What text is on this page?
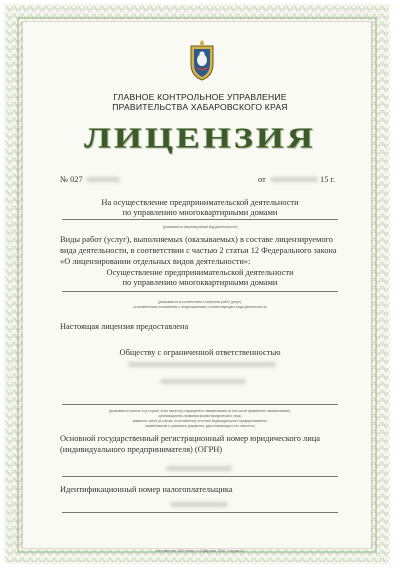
ГЛАВНОЕ КОНТРОЛЬНОЕ УПРАВЛЕНИЕ
ПРАВИТЕЛЬСТВА ХАБАРОВСКОГО КРАЯ
ЛИЦЕНЗИЯ
№ 027	от	15 г.
На осуществление предпринимательской деятельности
по управлению многоквартирными домами
(указывается лицензируемый вид деятельности)
Виды работ (услуг), выполняемых (оказываемых) в составе лицензируемого
вида деятельности, в соответствии с частью 2 статьи 12 Федерального закона
«О лицензировании отдельных видов деятельности»:
Осуществление предпринимательской деятельности
по управлению многоквартирными домами
(указывается в соответствии с перечнем работ (услуг),
установленным положением о лицензировании соответствующего вида деятельности)
Настоящая лицензия предоставлена
Обществу с ограниченной ответственностью
(указывается полное и (в случае, если имеется) сокращенное наименование (в том числе фирменное наименование),
организационно-правовая форма юридического лица,
фамилия, имя и (в случае, если имеется) отчество индивидуального предпринимателя,
наименование и реквизиты документа, удостоверяющего его личность)
Основной государственный регистрационный номер юридического лица
(индивидуального предпринимателя) (ОГРН)
Идентификационный номер налогоплательщика
Изготовитель ЗАО «Знак», г. Хабаровск, 2014, т. тираж 40.
